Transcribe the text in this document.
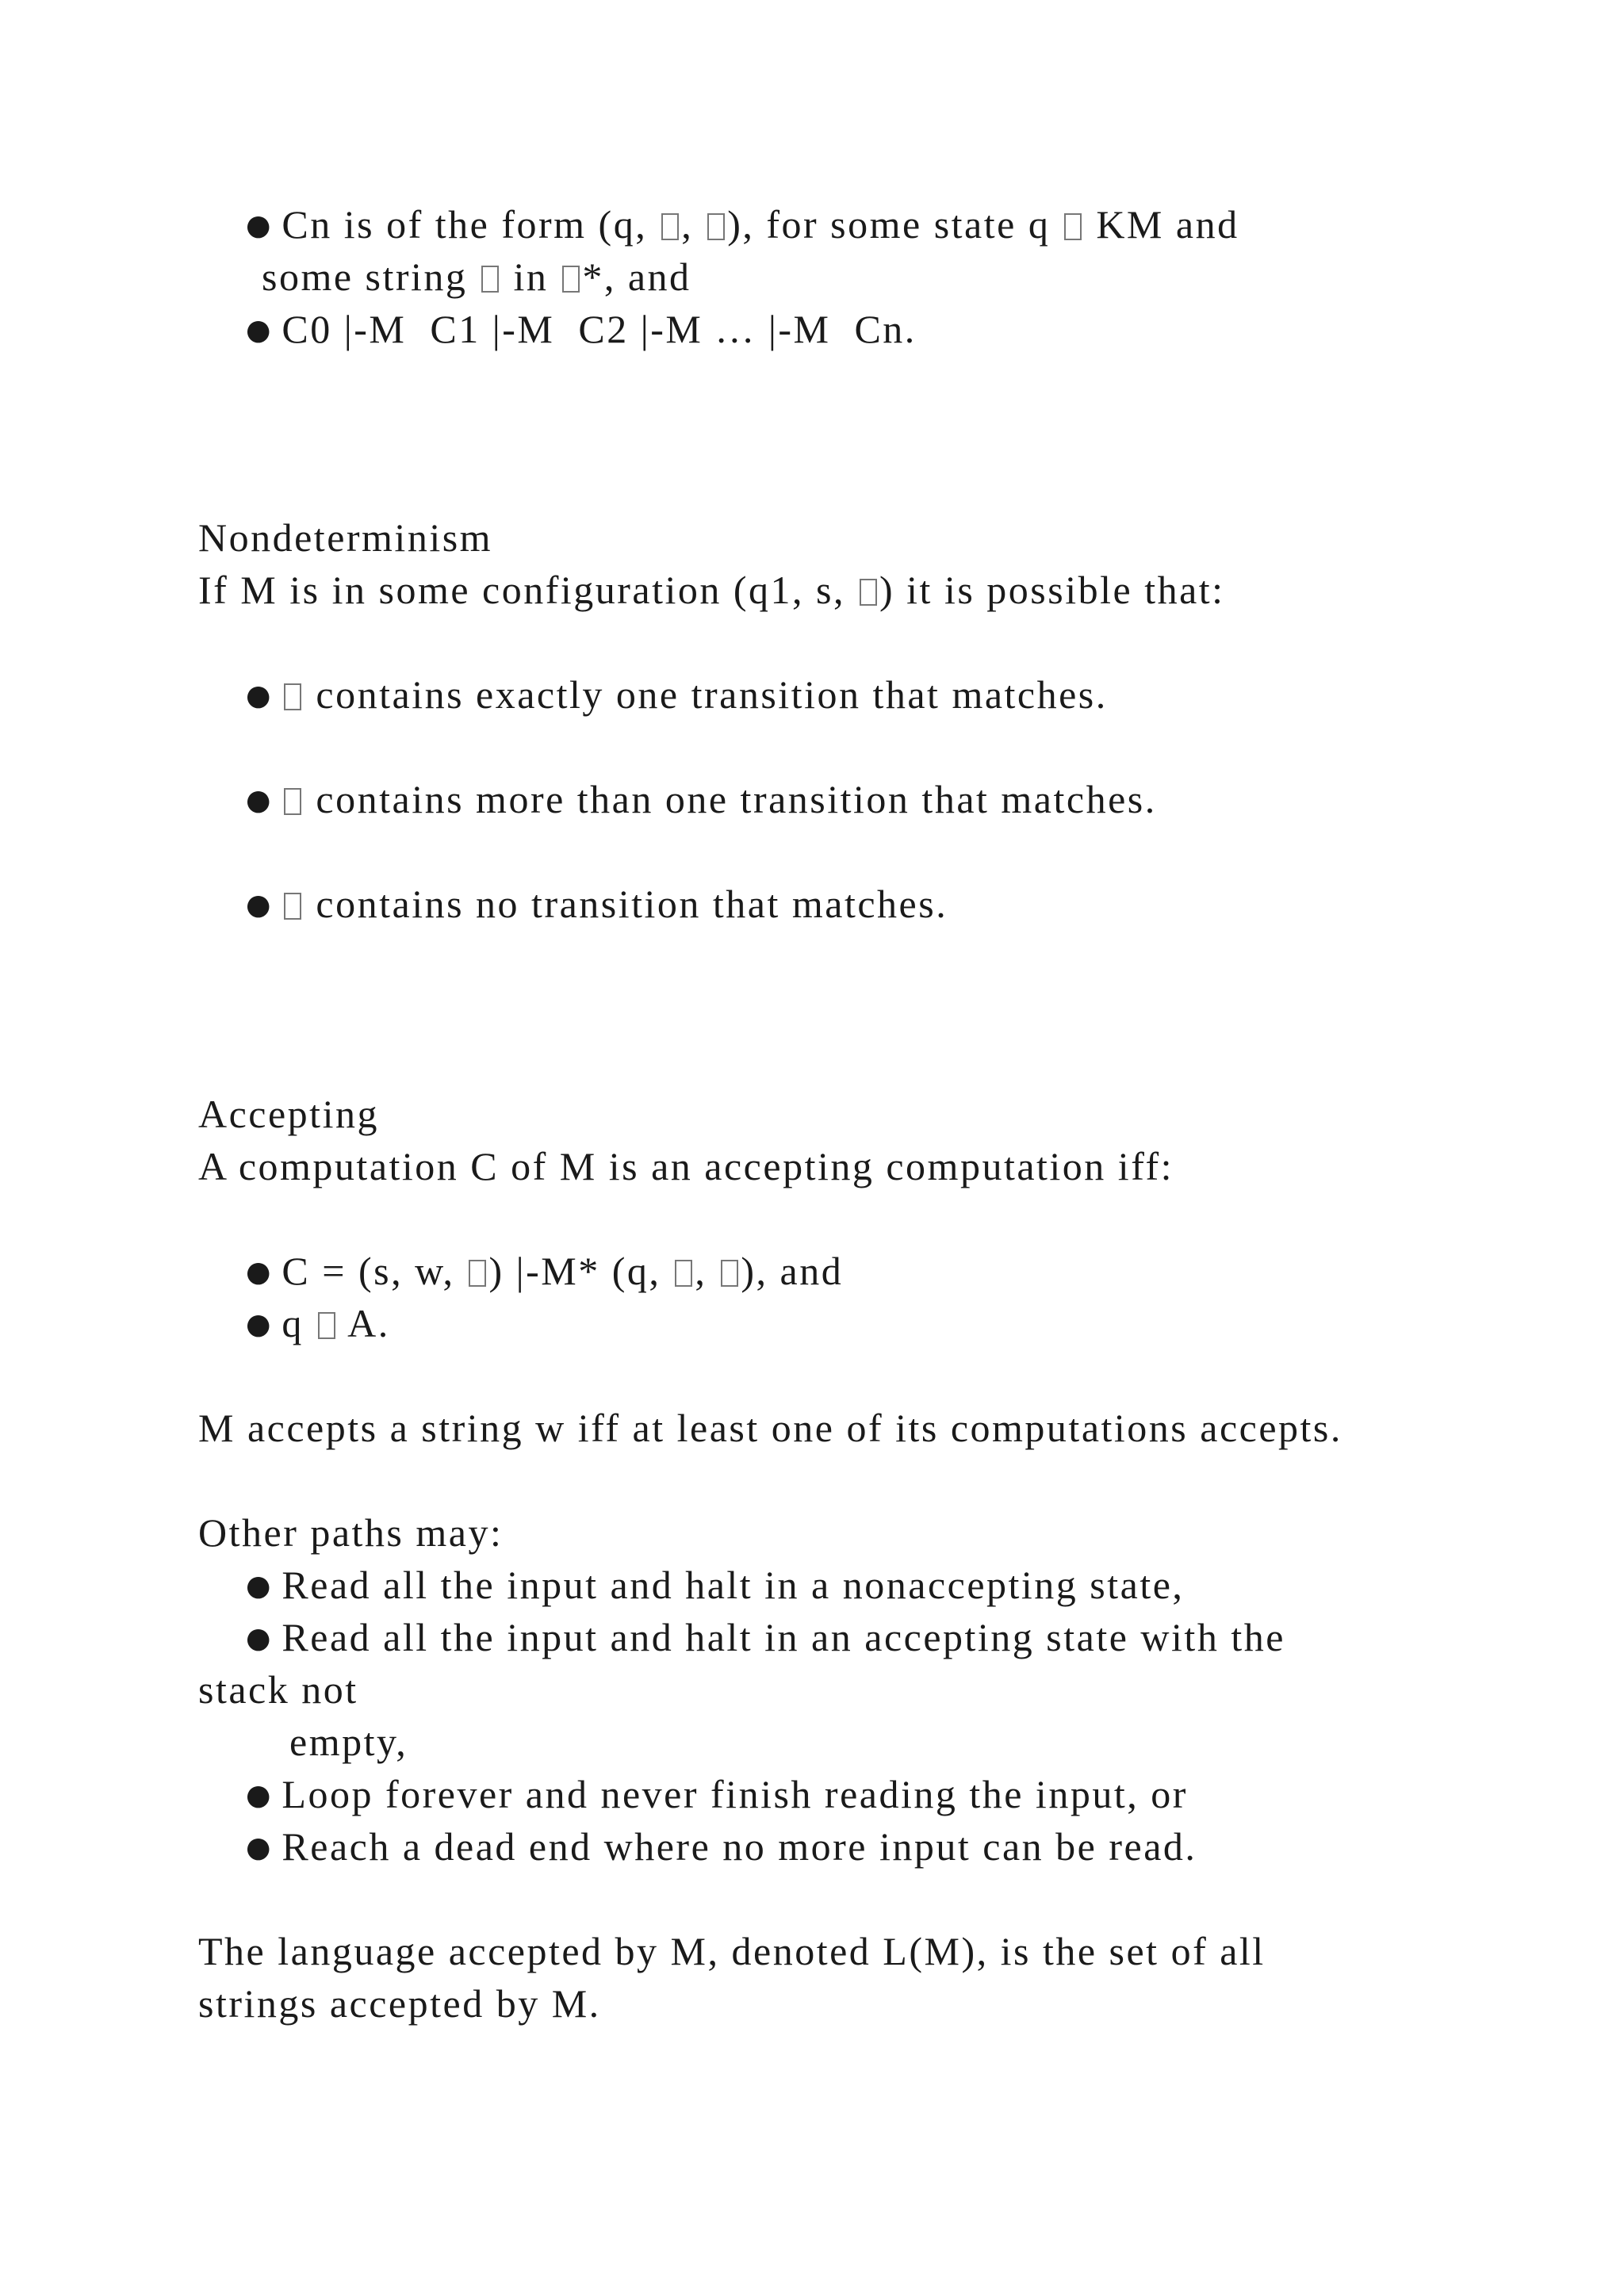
● Cn is of the form (q, , ), for some state q  KM and
some string  in *, and
● C0 |-M  C1 |-M  C2 |-M … |-M  Cn.
Nondeterminism
If M is in some configuration (q1, s, ) it is possible that:
● contains exactly one transition that matches.
● contains more than one transition that matches.
● contains no transition that matches.
Accepting
A computation C of M is an accepting computation iff:
● C = (s, w, ) |-M* (q, , ), and
● q  A.
M accepts a string w iff at least one of its computations accepts.
Other paths may:
● Read all the input and halt in a nonaccepting state,
● Read all the input and halt in an accepting state with the
stack not
empty,
● Loop forever and never finish reading the input, or
● Reach a dead end where no more input can be read.
The language accepted by M, denoted L(M), is the set of all
strings accepted by M.
